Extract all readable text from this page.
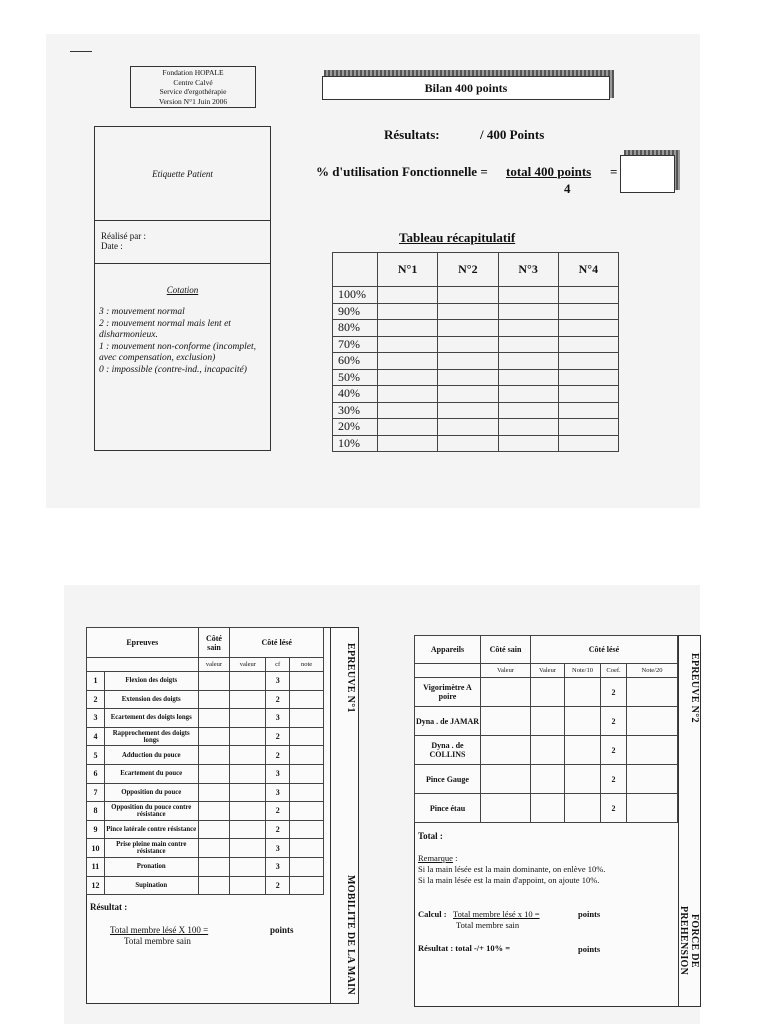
Fondation HOPALE
Centre Calvé
Service d'ergothérapie
Version N°1 Juin 2006
Etiquette Patient
Réalisé par :
Date :
Cotation
3 : mouvement normal
2 : mouvement normal mais lent et disharmonieux.
1 : mouvement non-conforme (incomplet, avec compensation, exclusion)
0 : impossible (contre-ind., incapacité)
Bilan 400 points
Résultats:	/ 400 Points
% d'utilisation Fonctionnelle = total 400 points =
4
Tableau récapitulatif
	N°1	N°2	N°3	N°4
100%				
90%				
80%				
70%				
60%				
50%				
40%				
30%				
20%				
10%				
EPREUVE N°1
MOBILITE DE LA MAIN
Epreuves		Côté sain	Côté lésé		
		valeur	valeur	cf	note
1	Flexion des doigts			3	
2	Extension des doigts			2	
3	Ecartement des doigts longs			3	
4	Rapprochement des doigts longs			2	
5	Adduction du pouce			2	
6	Ecartement du pouce			3	
7	Opposition du pouce			3	
8	Opposition du pouce contre résistance			2	
9	Pince latérale contre résistance			2	
10	Prise pleine main contre résistance			3	
11	Pronation			3	
12	Supination			2	
Résultat :
Total membre lésé X 100 =
Total membre sain
points
EPREUVE N°2
FORCE DE PREHENSION
Appareils	Côté sain	Côté lésé			
	Valeur	Valeur	Note/10	Coef.	Note/20
Vigorimètre A poire				2	
Dyna . de JAMAR				2	
Dyna . de COLLINS				2	
Pince Gauge				2	
Pince étau				2	
Total :
Remarque :
Si la main lésée est la main dominante, on enlève 10%.
Si la main lésée est la main d'appoint, on ajoute 10%.
Calcul : Total membre lésé x 10 =
Total membre sain
points
Résultat : total -/+ 10% =	points
